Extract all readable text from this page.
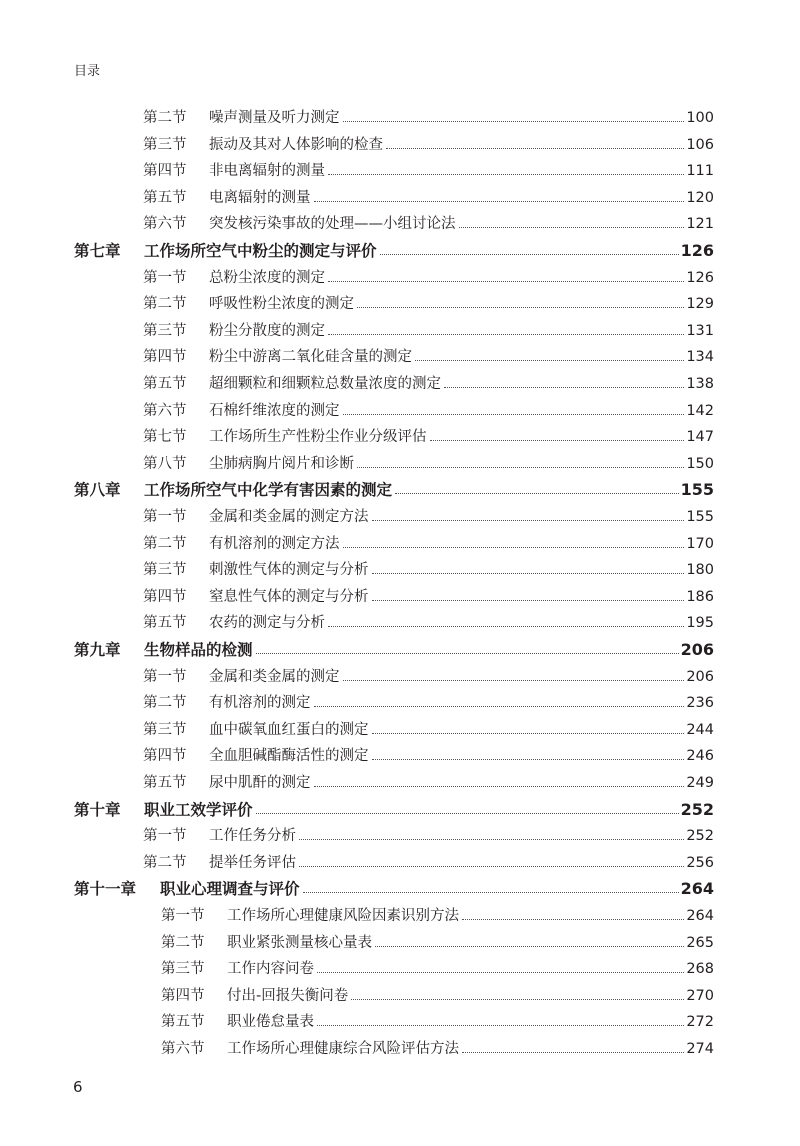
目录
第二节 噪声测量及听力测定	100
第三节 振动及其对人体影响的检查	106
第四节 非电离辐射的测量	111
第五节 电离辐射的测量	120
第六节 突发核污染事故的处理——小组讨论法	121
第七章 工作场所空气中粉尘的测定与评价	126
第一节 总粉尘浓度的测定	126
第二节 呼吸性粉尘浓度的测定	129
第三节 粉尘分散度的测定	131
第四节 粉尘中游离二氧化硅含量的测定	134
第五节 超细颗粒和细颗粒总数量浓度的测定	138
第六节 石棉纤维浓度的测定	142
第七节 工作场所生产性粉尘作业分级评估	147
第八节 尘肺病胸片阅片和诊断	150
第八章 工作场所空气中化学有害因素的测定	155
第一节 金属和类金属的测定方法	155
第二节 有机溶剂的测定方法	170
第三节 刺激性气体的测定与分析	180
第四节 窒息性气体的测定与分析	186
第五节 农药的测定与分析	195
第九章 生物样品的检测	206
第一节 金属和类金属的测定	206
第二节 有机溶剂的测定	236
第三节 血中碳氧血红蛋白的测定	244
第四节 全血胆碱酯酶活性的测定	246
第五节 尿中肌酐的测定	249
第十章 职业工效学评价	252
第一节 工作任务分析	252
第二节 提举任务评估	256
第十一章 职业心理调查与评价	264
第一节 工作场所心理健康风险因素识别方法	264
第二节 职业紧张测量核心量表	265
第三节 工作内容问卷	268
第四节 付出-回报失衡问卷	270
第五节 职业倦怠量表	272
第六节 工作场所心理健康综合风险评估方法	274
6
